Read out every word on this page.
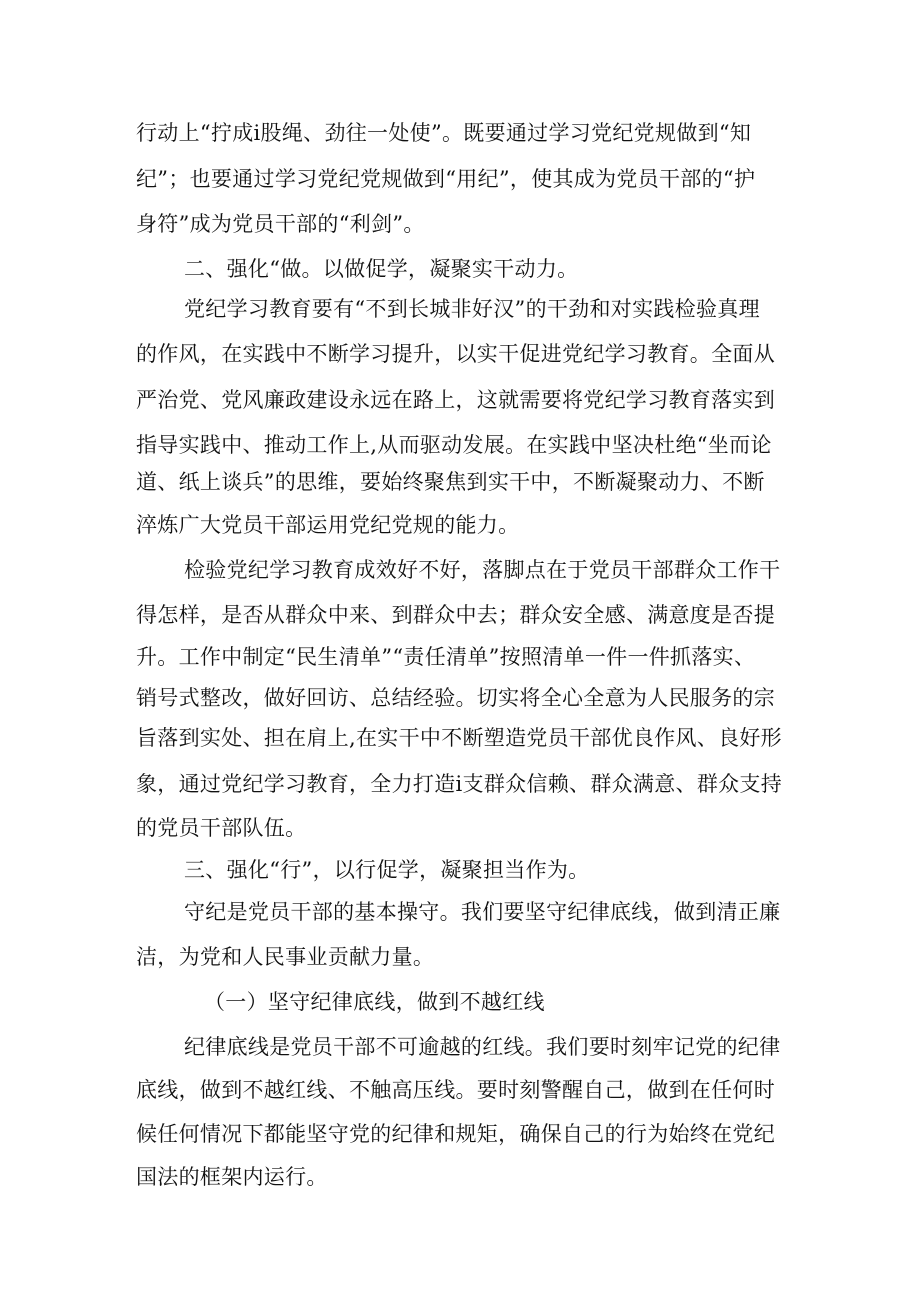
行动上“拧成i股绳、劲往一处使”。既要通过学习党纪党规做到“知
纪”；也要通过学习党纪党规做到“用纪”，使其成为党员干部的“护
身符”成为党员干部的“利剑”。
二、强化“做。以做促学，凝聚实干动力。
党纪学习教育要有“不到长城非好汉”的干劲和对实践检验真理
的作风，在实践中不断学习提升，以实干促进党纪学习教育。全面从
严治党、党风廉政建设永远在路上，这就需要将党纪学习教育落实到
指导实践中、推动工作上,从而驱动发展。在实践中坚决杜绝“坐而论
道、纸上谈兵”的思维，要始终聚焦到实干中，不断凝聚动力、不断
淬炼广大党员干部运用党纪党规的能力。
检验党纪学习教育成效好不好，落脚点在于党员干部群众工作干
得怎样，是否从群众中来、到群众中去；群众安全感、满意度是否提
升。工作中制定“民生清单”“责任清单”按照清单一件一件抓落实、
销号式整改，做好回访、总结经验。切实将全心全意为人民服务的宗
旨落到实处、担在肩上,在实干中不断塑造党员干部优良作风、良好形
象，通过党纪学习教育，全力打造i支群众信赖、群众满意、群众支持
的党员干部队伍。
三、强化“行”，以行促学，凝聚担当作为。
守纪是党员干部的基本操守。我们要坚守纪律底线，做到清正廉
洁，为党和人民事业贡献力量。
（一）坚守纪律底线，做到不越红线
纪律底线是党员干部不可逾越的红线。我们要时刻牢记党的纪律
底线，做到不越红线、不触高压线。要时刻警醒自己，做到在任何时
候任何情况下都能坚守党的纪律和规矩，确保自己的行为始终在党纪
国法的框架内运行。
